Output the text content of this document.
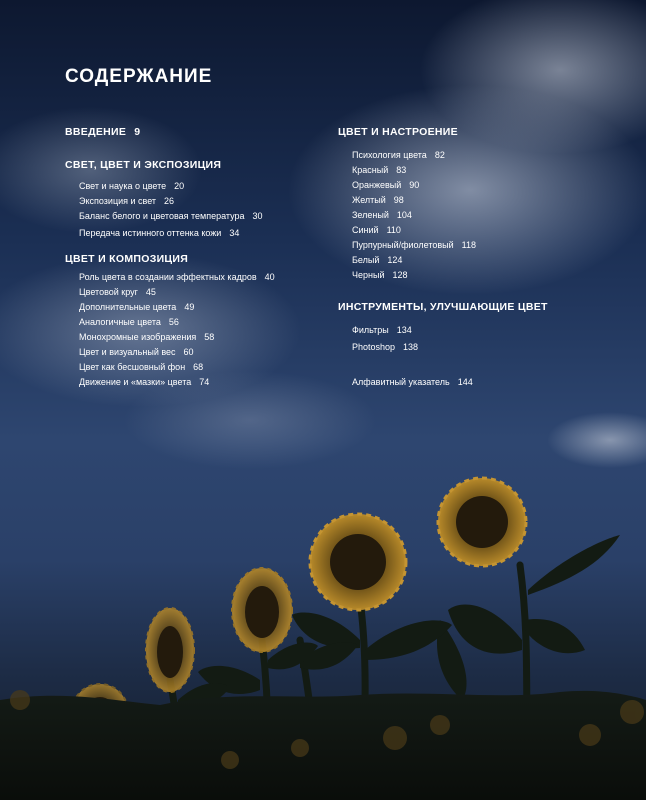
СОДЕРЖАНИЕ
ВВЕДЕНИЕ 9
СВЕТ, ЦВЕТ И ЭКСПОЗИЦИЯ
Свет и наука о цвете 20
Экспозиция и свет 26
Баланс белого и цветовая температура 30
Передача истинного оттенка кожи 34
ЦВЕТ И КОМПОЗИЦИЯ
Роль цвета в создании эффектных кадров 40
Цветовой круг 45
Дополнительные цвета 49
Аналогичные цвета 56
Монохромные изображения 58
Цвет и визуальный вес 60
Цвет как бесшовный фон 68
Движение и «мазки» цвета 74
ЦВЕТ И НАСТРОЕНИЕ
Психология цвета 82
Красный 83
Оранжевый 90
Желтый 98
Зеленый 104
Синий 110
Пурпурный/фиолетовый 118
Белый 124
Черный 128
ИНСТРУМЕНТЫ, УЛУЧШАЮЩИЕ ЦВЕТ
Фильтры 134
Photoshop 138
Алфавитный указатель 144
